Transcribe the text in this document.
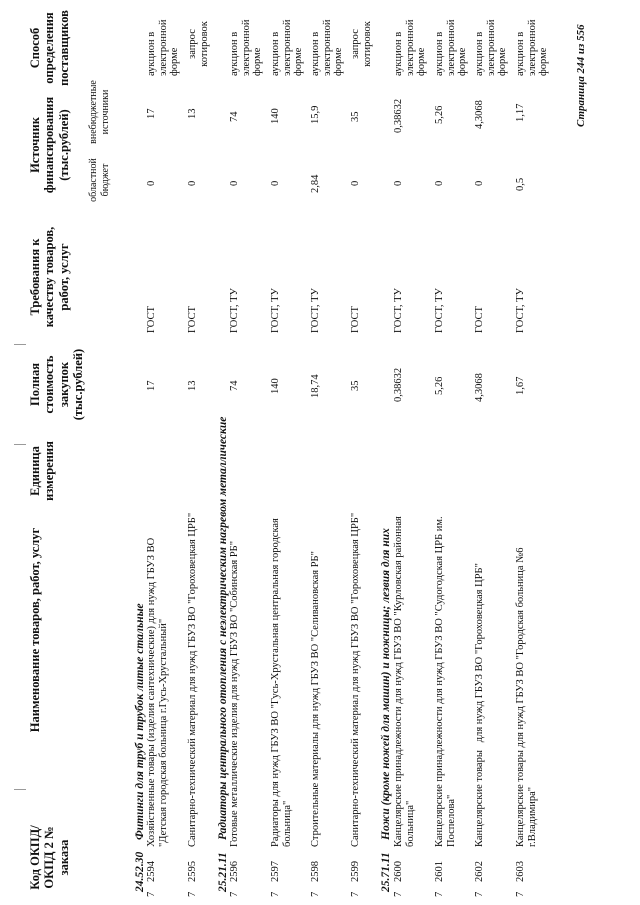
Код ОКПД/ ОКПД 2 № заказа
Наименование товаров, работ, услуг
Единица измерения
Полная стоимость закупок (тыс.рублей)
Требования к качеству товаров, работ, услуг
Источник финансирования (тыс.рублей) областной бюджет
внебюджетные источники
Способ определения поставщиков
24.52.30
Фитинги для труб и трубок литые стальные
7
2594
Хозяйственные товары (изделия сантехнические) для нужд ГБУЗ ВО "Детская городская больница г.Гусь-Хрустальный"
17
ГОСТ
0
17
аукцион в электронной форме
7
2595
Санитарно-технический материал для нужд ГБУЗ ВО "Гороховецкая ЦРБ"
13
ГОСТ
0
13
запрос котировок
25.21.11
Радиаторы центрального отопления с неэлектрическим нагревом металлические
7
2596
Готовые металлические изделия для нужд ГБУЗ ВО "Собинская РБ"
74
ГОСТ, ТУ
0
74
аукцион в электронной форме
7
2597
Радиаторы для нужд ГБУЗ ВО "Гусь-Хрустальная центральная городская больница"
140
ГОСТ, ТУ
0
140
аукцион в электронной форме
7
2598
Строительные материалы для нужд ГБУЗ ВО "Селивановская РБ"
18,74
ГОСТ, ТУ
2,84
15,9
аукцион в электронной форме
7
2599
Санитарно-технический материал для нужд ГБУЗ ВО "Гороховецкая ЦРБ"
35
ГОСТ
0
35
запрос котировок
25.71.11
Ножи (кроме ножей для машин) и ножницы; лезвия для них
7
2600
Канцелярские принадлежности для нужд ГБУЗ ВО "Курловская районная больница"
0,38632
ГОСТ, ТУ
0
0,38632
аукцион в электронной форме
7
2601
Канцелярские принадлежности для нужд ГБУЗ ВО "Судогодская ЦРБ им. Поспелова"
5,26
ГОСТ, ТУ
0
5,26
аукцион в электронной форме
7
2602
Канцелярские товары   для нужд ГБУЗ ВО "Гороховецкая ЦРБ"
4,3068
ГОСТ
0
4,3068
аукцион в электронной форме
7
2603
Канцелярские товары для нужд ГБУЗ ВО "Городская больница №6 г.Владимира"
1,67
ГОСТ, ТУ
0,5
1,17
аукцион в электронной форме Страница 244 из 556
